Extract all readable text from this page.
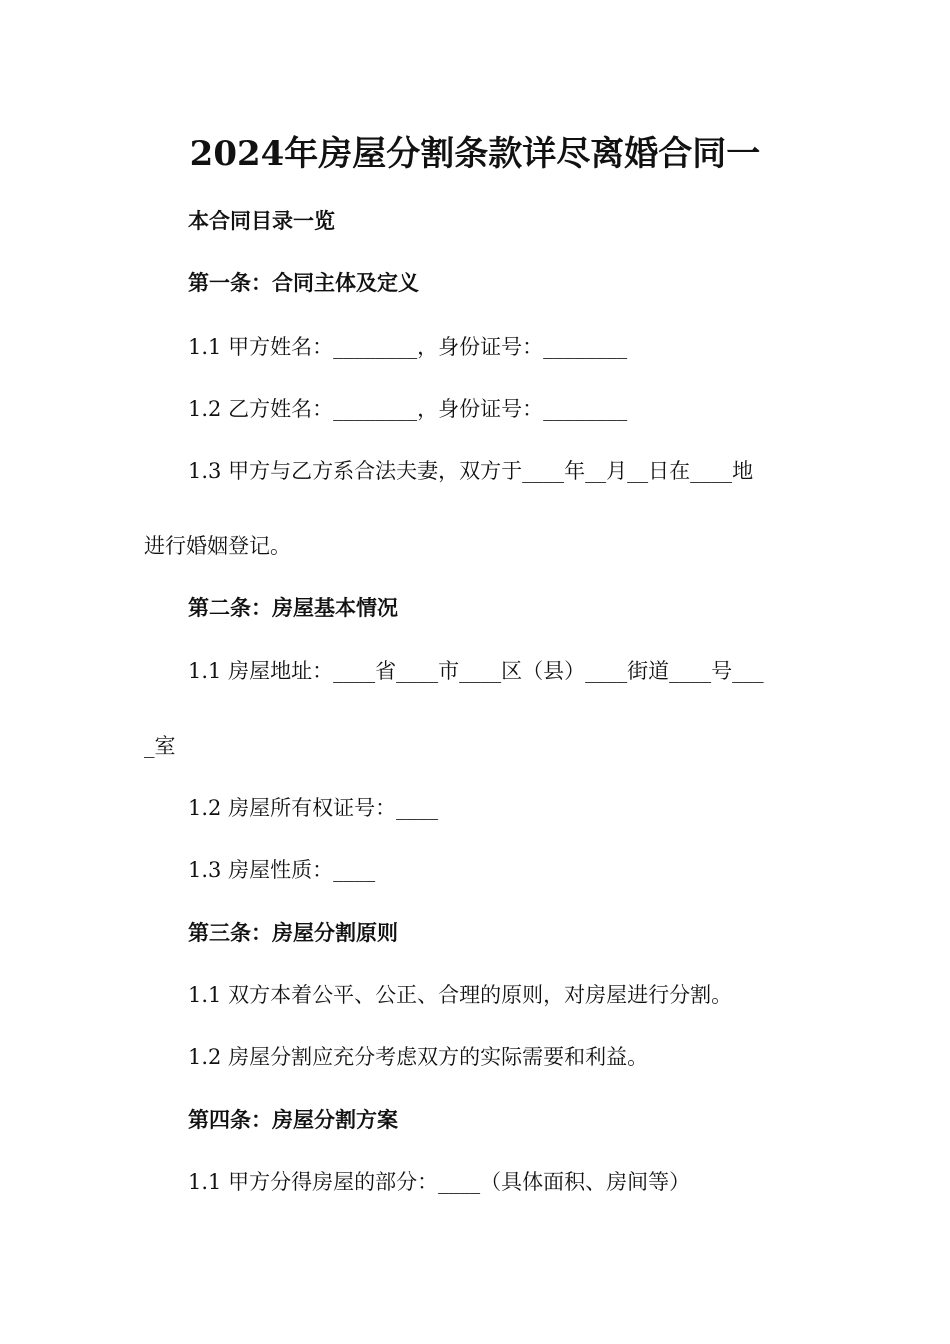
2024年房屋分割条款详尽离婚合同一
本合同目录一览
第一条：合同主体及定义
1.1 甲方姓名：________，身份证号：________
1.2 乙方姓名：________，身份证号：________
1.3 甲方与乙方系合法夫妻，双方于____年__月__日在____地
进行婚姻登记。
第二条：房屋基本情况
1.1 房屋地址：____省____市____区（县）____街道____号___
_室
1.2 房屋所有权证号：____
1.3 房屋性质：____
第三条：房屋分割原则
1.1 双方本着公平、公正、合理的原则，对房屋进行分割。
1.2 房屋分割应充分考虑双方的实际需要和利益。
第四条：房屋分割方案
1.1 甲方分得房屋的部分：____（具体面积、房间等）
